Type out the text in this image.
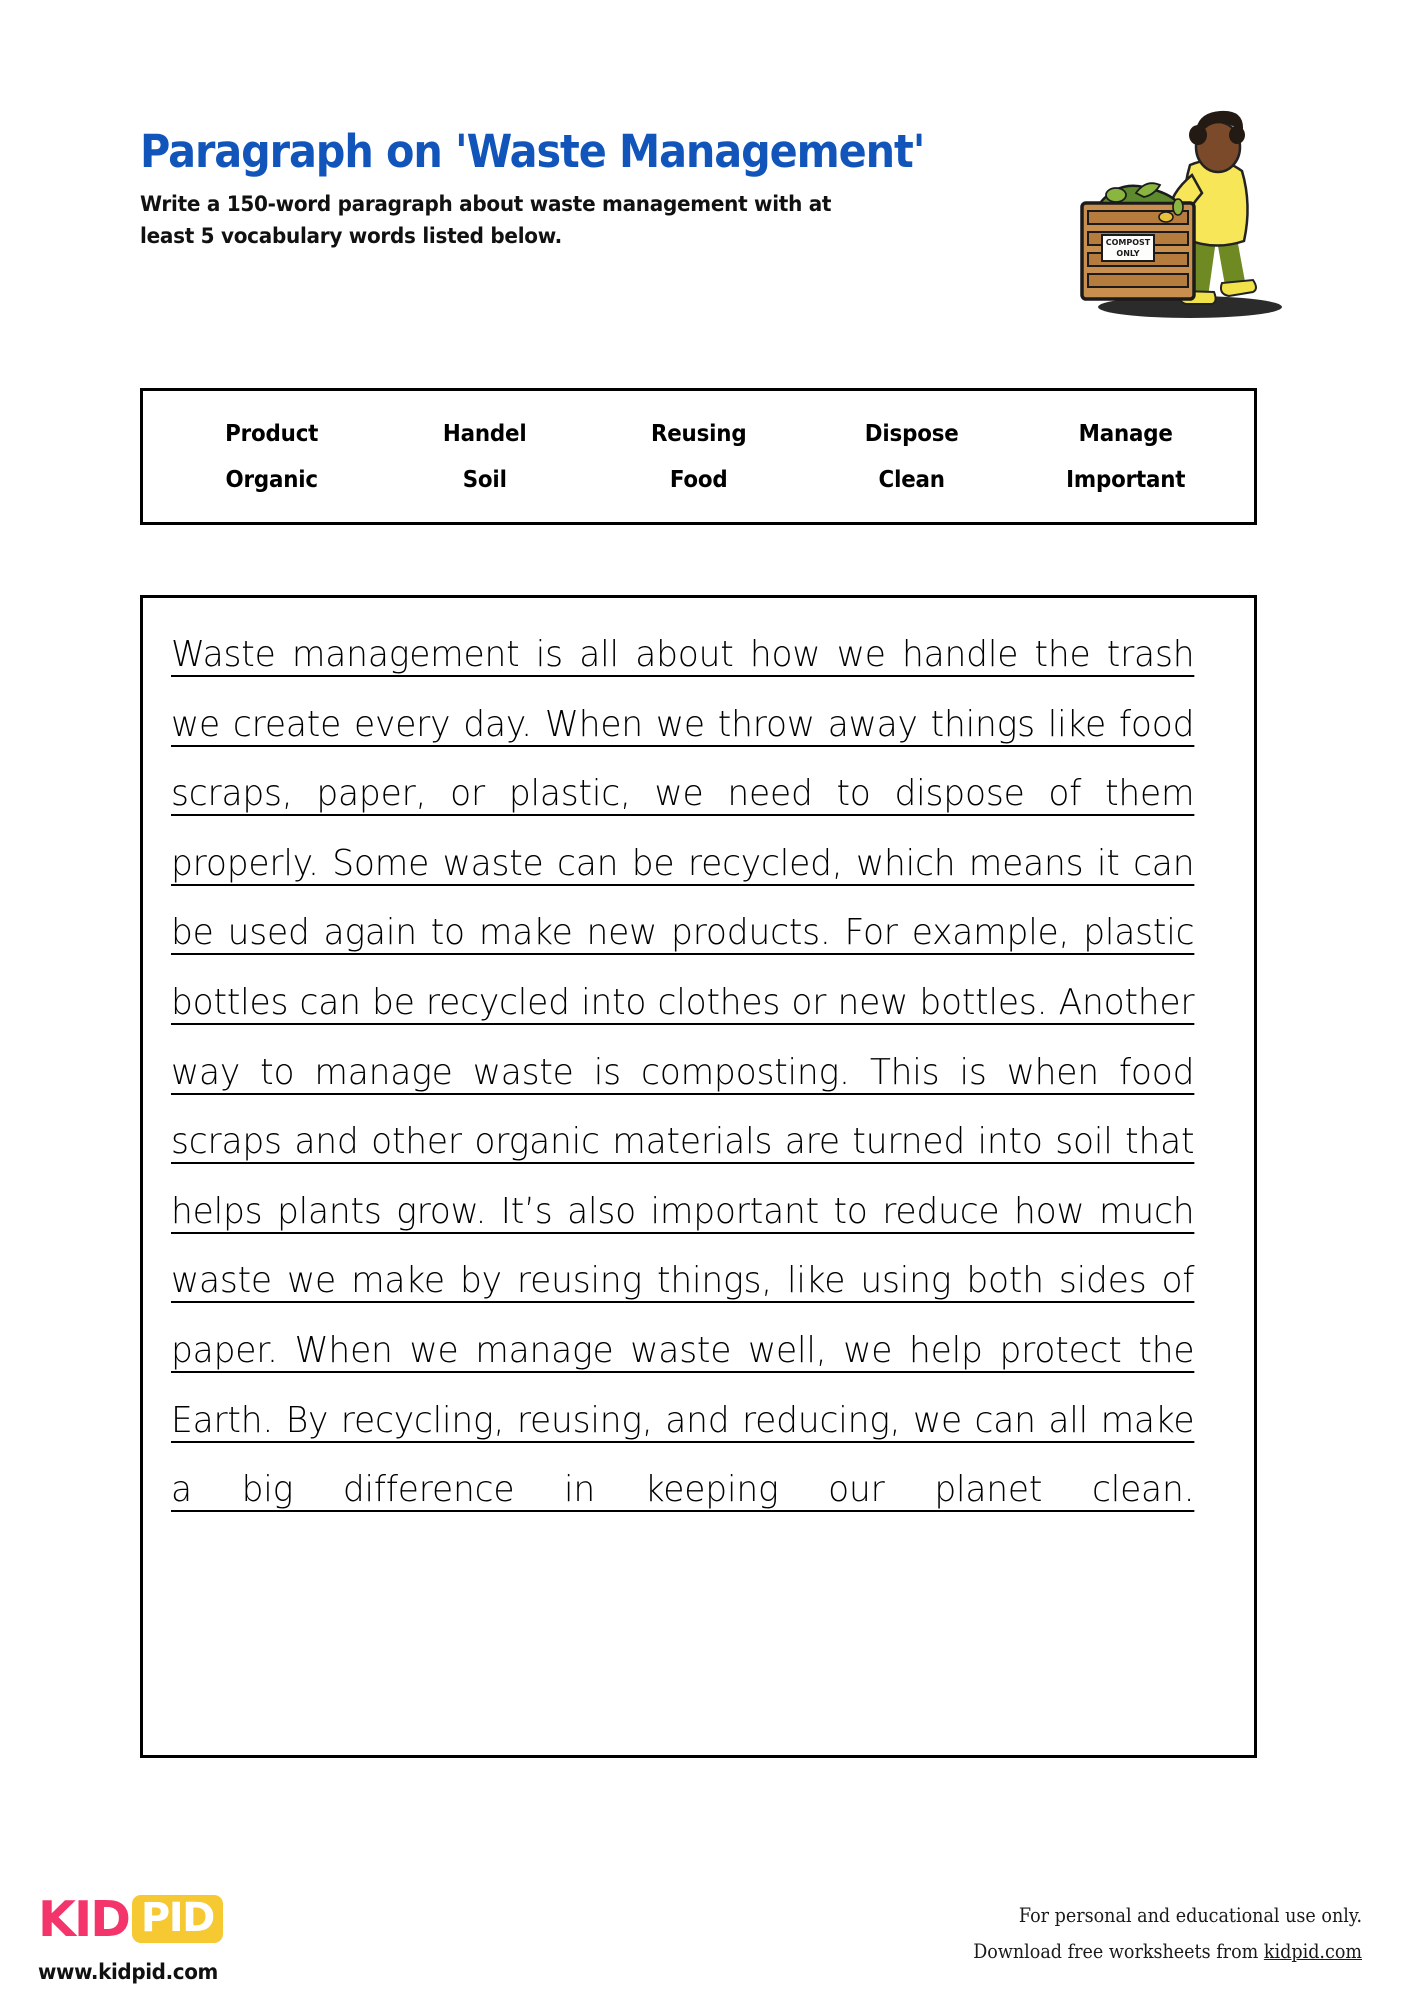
Paragraph on 'Waste Management'
Write a 150-word paragraph about waste management with at
least 5 vocabulary words listed below.	COMPOST
ONLY
Product	Handel	Reusing	Dispose	Manage
Organic	Soil	Food	Clean	Important
Waste management is all about how we handle the trash we create every day. When we throw away things like food scraps, paper, or plastic, we need to dispose of them properly. Some waste can be recycled, which means it can be used again to make new products. For example, plastic bottles can be recycled into clothes or new bottles. Another way to manage waste is composting. This is when food scraps and other organic materials are turned into soil that helps plants grow. It’s also important to reduce how much waste we make by reusing things, like using both sides of paper. When we manage waste well, we help protect the Earth. By recycling, reusing, and reducing, we can all make a big difference in keeping our planet clean.
KID PID
www.kidpid.com
For personal and educational use only.
Download free worksheets from kidpid.com
